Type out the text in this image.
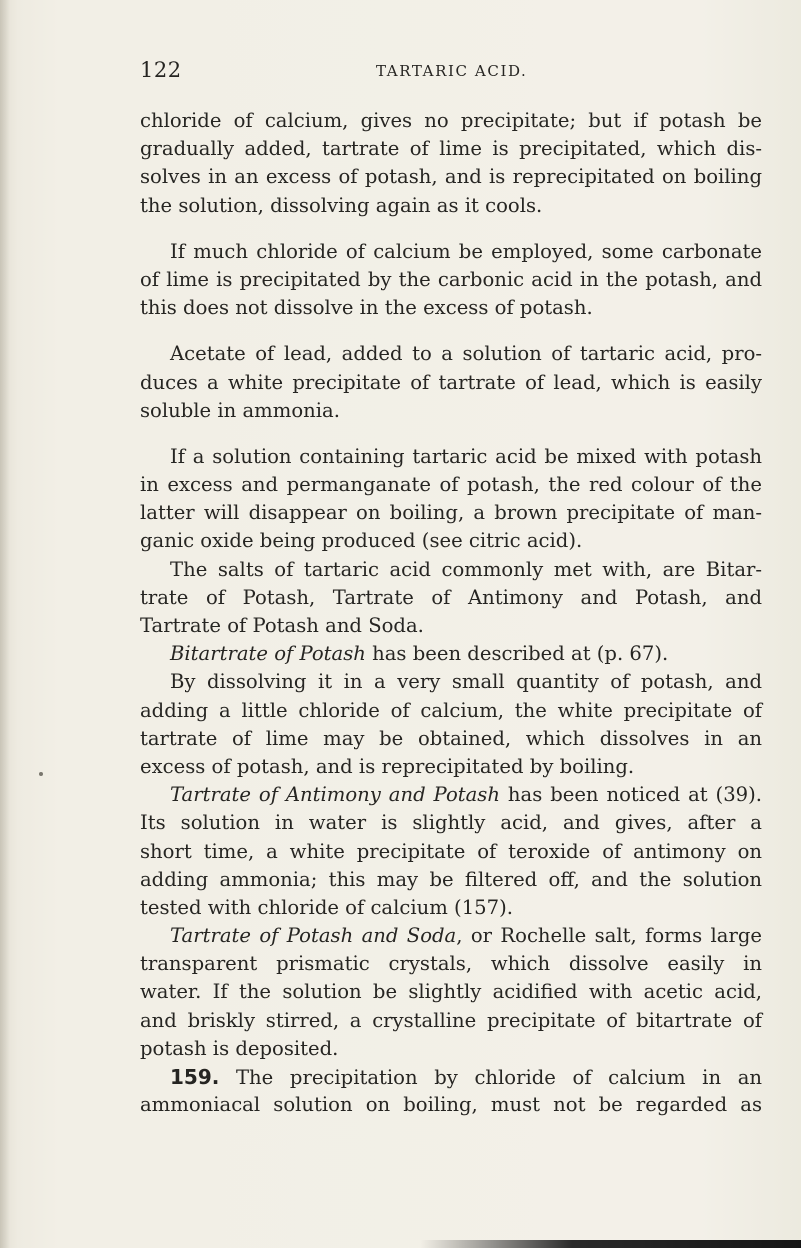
122	TARTARIC ACID.
chloride of calcium, gives no precipitate; but if potash be
gradually added, tartrate of lime is precipitated, which dis-
solves in an excess of potash, and is reprecipitated on boiling
the solution, dissolving again as it cools.
If much chloride of calcium be employed, some carbonate
of lime is precipitated by the carbonic acid in the potash, and
this does not dissolve in the excess of potash.
Acetate of lead, added to a solution of tartaric acid, pro-
duces a white precipitate of tartrate of lead, which is easily
soluble in ammonia.
If a solution containing tartaric acid be mixed with potash
in excess and permanganate of potash, the red colour of the
latter will disappear on boiling, a brown precipitate of man-
ganic oxide being produced (see citric acid).
The salts of tartaric acid commonly met with, are Bitar-
trate of Potash, Tartrate of Antimony and Potash, and
Tartrate of Potash and Soda.
Bitartrate of Potash has been described at (p. 67).
By dissolving it in a very small quantity of potash, and
adding a little chloride of calcium, the white precipitate of
tartrate of lime may be obtained, which dissolves in an
excess of potash, and is reprecipitated by boiling.
Tartrate of Antimony and Potash has been noticed at (39).
Its solution in water is slightly acid, and gives, after a
short time, a white precipitate of teroxide of antimony on
adding ammonia; this may be filtered off, and the solution
tested with chloride of calcium (157).
Tartrate of Potash and Soda, or Rochelle salt, forms large
transparent prismatic crystals, which dissolve easily in
water. If the solution be slightly acidified with acetic acid,
and briskly stirred, a crystalline precipitate of bitartrate of
potash is deposited.
159. The precipitation by chloride of calcium in an
ammoniacal solution on boiling, must not be regarded as
